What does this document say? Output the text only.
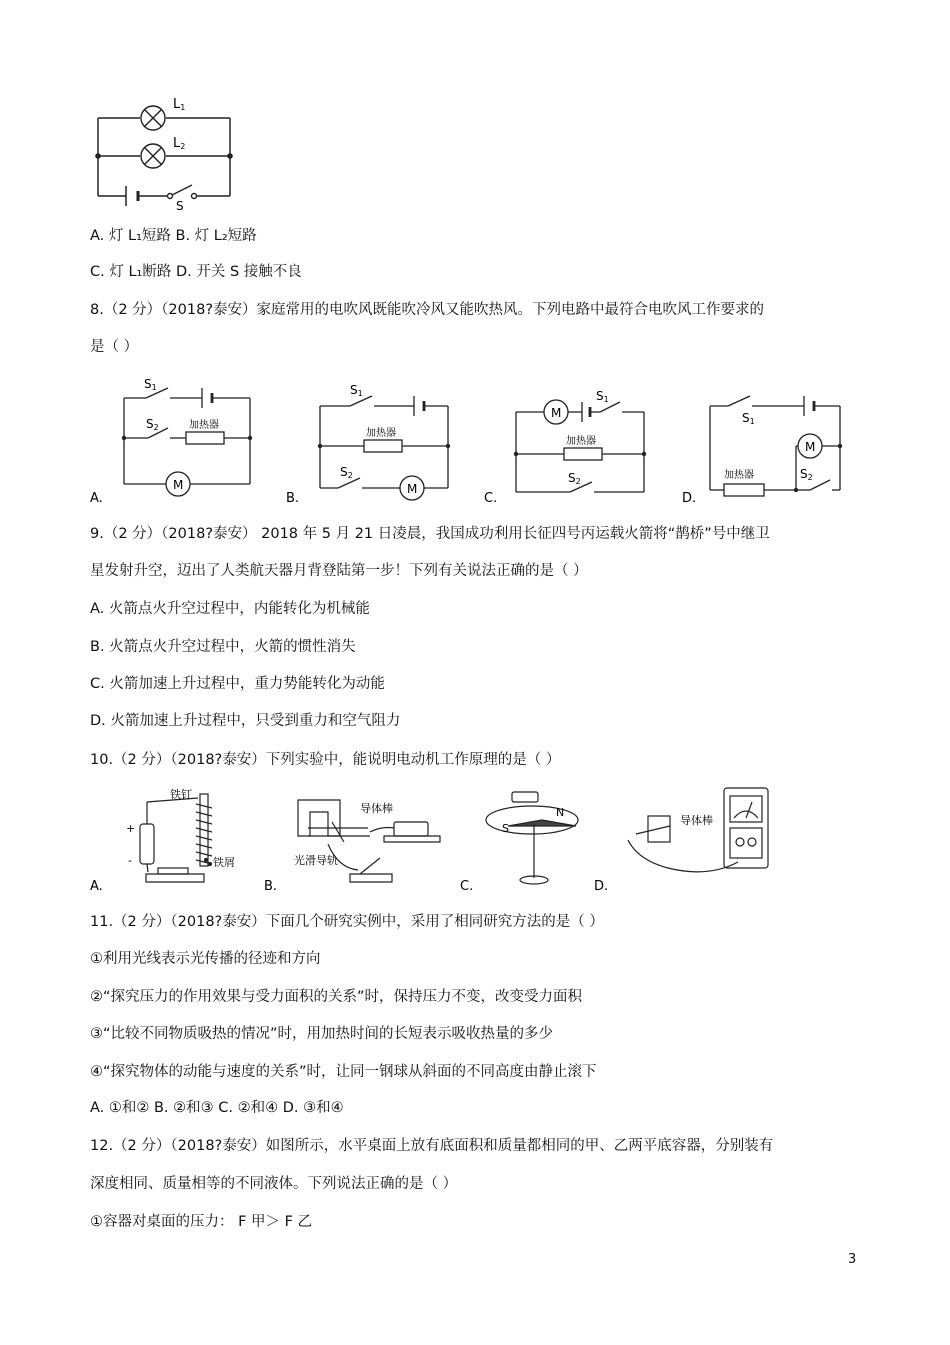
L1
L2
S
A. 灯 L₁短路 B. 灯 L₂短路
C. 灯 L₁断路 D. 开关 S 接触不良
8.（2 分）（2018?泰安）家庭常用的电吹风既能吹冷风又能吹热风。下列电路中最符合电吹风工作要求的
是（ ）
S1
S2	加热器
M
A.
S1
S2
加热器
M
B.
M
S1
加热器
S2
C.
S1
M
加热器	S2
D.
9.（2 分）（2018?泰安） 2018 年 5 月 21 日凌晨，我国成功利用长征四号丙运载火箭将“鹊桥”号中继卫
星发射升空，迈出了人类航天器月背登陆第一步！下列有关说法正确的是（ ）
A. 火箭点火升空过程中，内能转化为机械能
B. 火箭点火升空过程中，火箭的惯性消失
C. 火箭加速上升过程中，重力势能转化为动能
D. 火箭加速上升过程中，只受到重力和空气阻力
10.（2 分）（2018?泰安）下列实验中，能说明电动机工作原理的是（ ）
铁钉
铁屑
+
-
A.
导体棒
光滑导轨
B.
S
N
C.
导体棒
D.
11.（2 分）（2018?泰安）下面几个研究实例中，采用了相同研究方法的是（ ）
①利用光线表示光传播的径迹和方向
②“探究压力的作用效果与受力面积的关系”时，保持压力不变，改变受力面积
③“比较不同物质吸热的情况”时，用加热时间的长短表示吸收热量的多少
④“探究物体的动能与速度的关系”时，让同一钢球从斜面的不同高度由静止滚下
A. ①和② B. ②和③ C. ②和④ D. ③和④
12.（2 分）（2018?泰安）如图所示，水平桌面上放有底面积和质量都相同的甲、乙两平底容器，分别装有
深度相同、质量相等的不同液体。下列说法正确的是（ ）
①容器对桌面的压力： F 甲＞ F 乙
3
